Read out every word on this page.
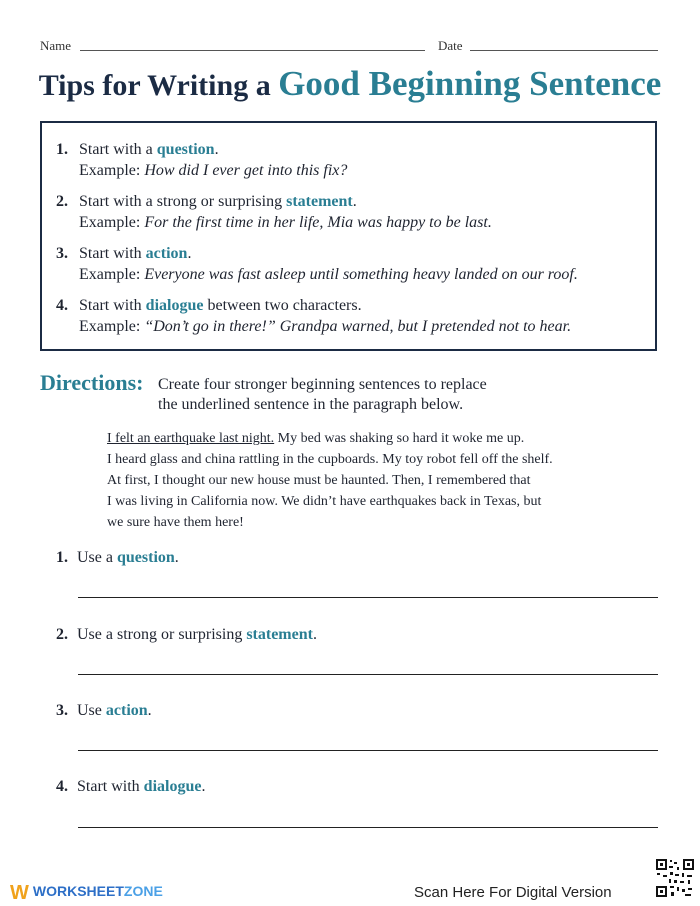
Name	Date
Tips for Writing a Good Beginning Sentence
1. Start with a question.
Example: How did I ever get into this fix?
2. Start with a strong or surprising statement.
Example: For the first time in her life, Mia was happy to be last.
3. Start with action.
Example: Everyone was fast asleep until something heavy landed on our roof.
4. Start with dialogue between two characters.
Example: “Don’t go in there!” Grandpa warned, but I pretended not to hear.
Directions: Create four stronger beginning sentences to replace
the underlined sentence in the paragraph below.
I felt an earthquake last night. My bed was shaking so hard it woke me up.
I heard glass and china rattling in the cupboards. My toy robot fell off the shelf.
At first, I thought our new house must be haunted. Then, I remembered that
I was living in California now. We didn’t have earthquakes back in Texas, but
we sure have them here!
1. Use a question.
2. Use a strong or surprising statement.
3. Use action.
4. Start with dialogue.
W WORKSHEETZONE	Scan Here For Digital Version
